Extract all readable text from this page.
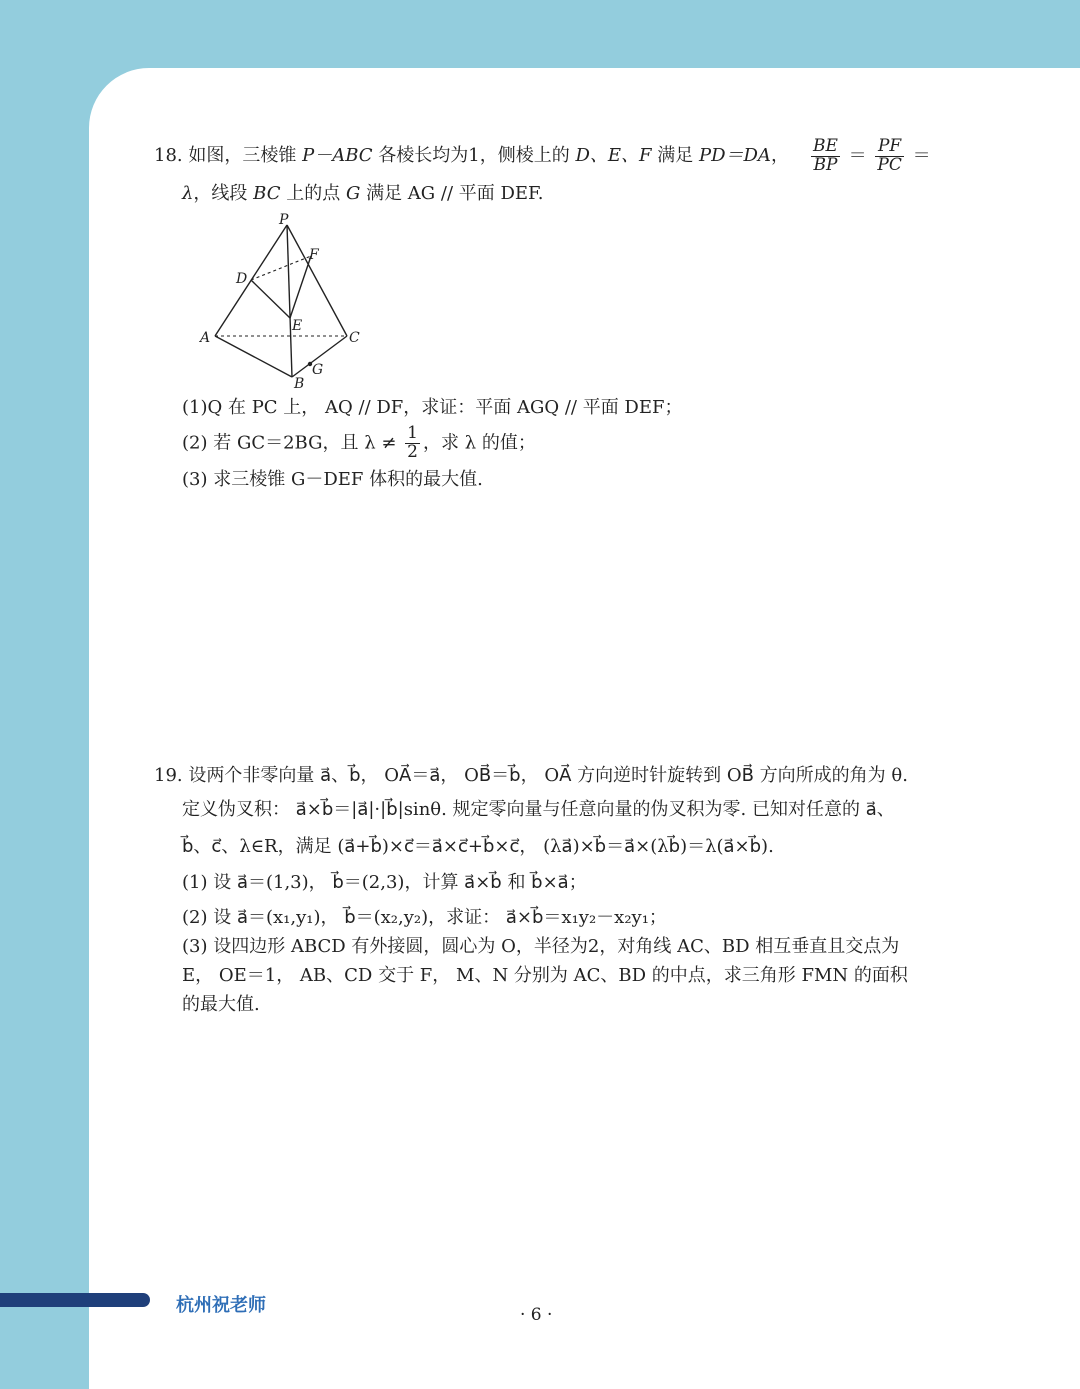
18. 如图，三棱锥 P－ABC 各棱长均为1，侧棱上的 D、E、F 满足 PD＝DA， $\frac{BE}{BP} = \frac{PF}{PC}$ ＝
λ，线段 BC 上的点 G 满足 AG // 平面 DEF.
P
F
D
E
A	C
G
B
(1)Q 在 PC 上， AQ // DF，求证：平面 AGQ // 平面 DEF；
(2) 若 GC＝2BG，且 $\lambda \ne \frac{1}{2}$ ，求 λ 的值；
(3) 求三棱锥 G－DEF 体积的最大值.
19. 设两个非零向量 a⃗、b⃗， OA⃗＝a⃗， OB⃗＝b⃗， OA⃗ 方向逆时针旋转到 OB⃗ 方向所成的角为 θ.
定义伪叉积： a⃗×b⃗＝|a⃗|·|b⃗|sinθ. 规定零向量与任意向量的伪叉积为零. 已知对任意的 a⃗、
b⃗、c⃗、λ∈R，满足 (a⃗+b⃗)×c⃗＝a⃗×c⃗+b⃗×c⃗， (λa⃗)×b⃗＝a⃗×(λb⃗)＝λ(a⃗×b⃗).
(1) 设 a⃗＝(1,3)， b⃗＝(2,3)，计算 a⃗×b⃗ 和 b⃗×a⃗；
(2) 设 a⃗＝(x₁,y₁)， b⃗＝(x₂,y₂)，求证： a⃗×b⃗＝x₁y₂－x₂y₁；
(3) 设四边形 ABCD 有外接圆，圆心为 O，半径为2，对角线 AC、BD 相互垂直且交点为
E， OE＝1， AB、CD 交于 F， M、N 分别为 AC、BD 的中点，求三角形 FMN 的面积
的最大值.
杭州祝老师	· 6 ·
